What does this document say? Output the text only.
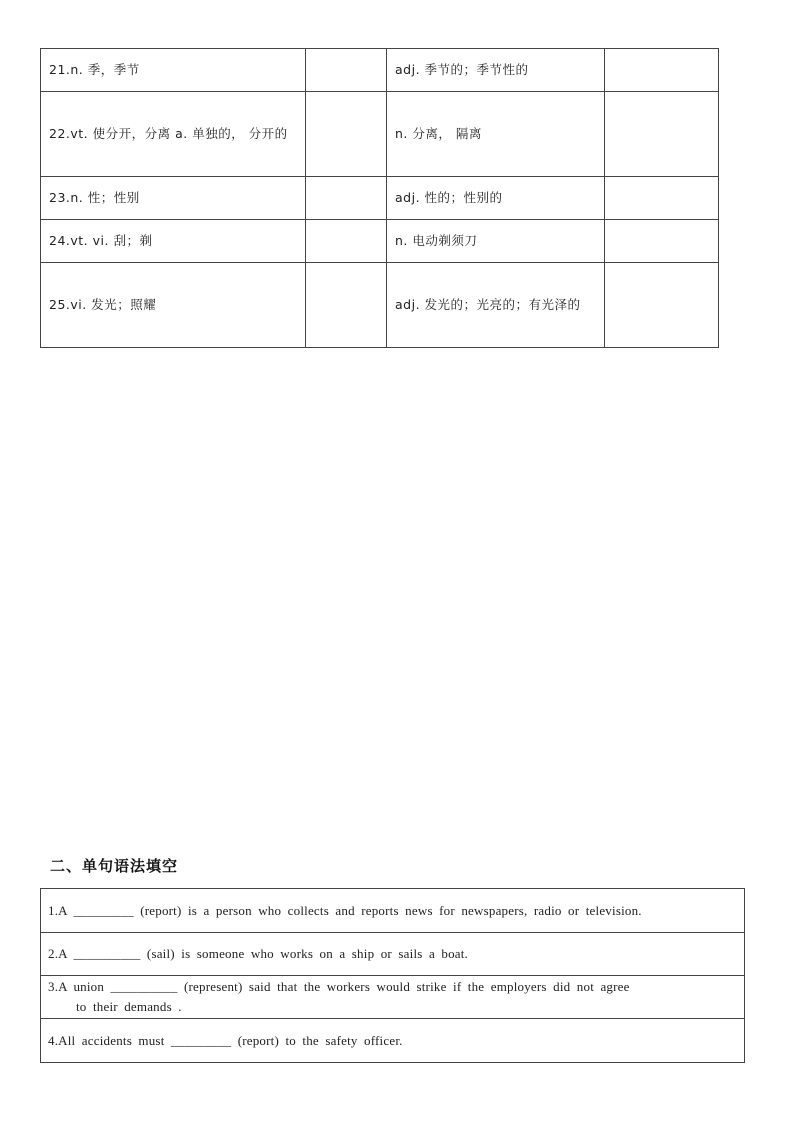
21.n. 季，季节		adj. 季节的；季节性的	
22.vt. 使分开，分离 a. 单独的， 分开的		n. 分离， 隔离	
23.n. 性；性别		adj. 性的；性别的	
24.vt. vi. 刮；剃		n. 电动剃须刀	
25.vi. 发光；照耀		adj. 发光的；光亮的；有光泽的	
二、单句语法填空
1.A _________ (report) is a person who collects and reports news for newspapers, radio or television.
2.A __________ (sail) is someone who works on a ship or sails a boat.
3.A union __________ (represent) said that the workers would strike if the employers did not agree
to their demands .
4.All accidents must _________ (report) to the safety officer.
